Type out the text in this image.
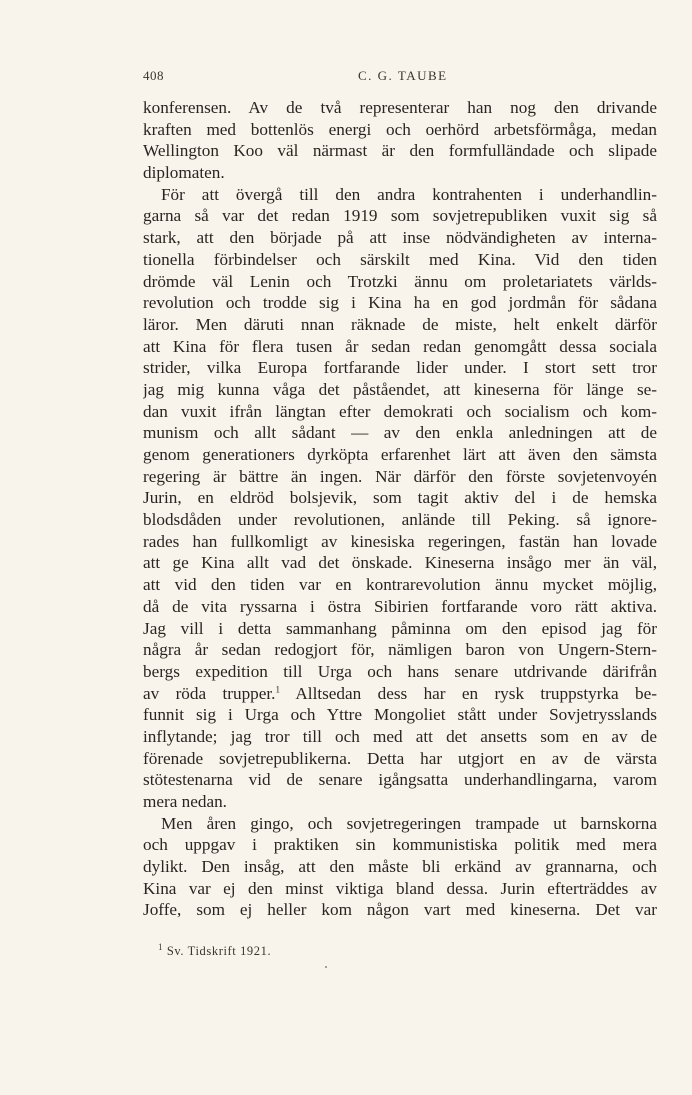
408	C. G. TAUBE
konferensen. Av de två representerar han nog den drivande
kraften med bottenlös energi och oerhörd arbetsförmåga, medan
Wellington Koo väl närmast är den formfulländade och slipade
diplomaten.
För att övergå till den andra kontrahenten i underhandlin-
garna så var det redan 1919 som sovjetrepubliken vuxit sig så
stark, att den började på att inse nödvändigheten av interna-
tionella förbindelser och särskilt med Kina. Vid den tiden
drömde väl Lenin och Trotzki ännu om proletariatets världs-
revolution och trodde sig i Kina ha en god jordmån för sådana
läror. Men däruti nnan räknade de miste, helt enkelt därför
att Kina för flera tusen år sedan redan genomgått dessa sociala
strider, vilka Europa fortfarande lider under. I stort sett tror
jag mig kunna våga det påståendet, att kineserna för länge se-
dan vuxit ifrån längtan efter demokrati och socialism och kom-
munism och allt sådant — av den enkla anledningen att de
genom generationers dyrköpta erfarenhet lärt att även den sämsta
regering är bättre än ingen. När därför den förste sovjetenvoyén
Jurin, en eldröd bolsjevik, som tagit aktiv del i de hemska
blodsdåden under revolutionen, anlände till Peking. så ignore-
rades han fullkomligt av kinesiska regeringen, fastän han lovade
att ge Kina allt vad det önskade. Kineserna insågo mer än väl,
att vid den tiden var en kontrarevolution ännu mycket möjlig,
då de vita ryssarna i östra Sibirien fortfarande voro rätt aktiva.
Jag vill i detta sammanhang påminna om den episod jag för
några år sedan redogjort för, nämligen baron von Ungern-Stern-
bergs expedition till Urga och hans senare utdrivande därifrån
av röda trupper.$^1$ Alltsedan dess har en rysk truppstyrka be-
funnit sig i Urga och Yttre Mongoliet stått under Sovjetrysslands
inflytande; jag tror till och med att det ansetts som en av de
förenade sovjetrepublikerna. Detta har utgjort en av de värsta
stötestenarna vid de senare igångsatta underhandlingarna, varom
mera nedan.
Men åren gingo, och sovjetregeringen trampade ut barnskorna
och uppgav i praktiken sin kommunistiska politik med mera
dylikt. Den insåg, att den måste bli erkänd av grannarna, och
Kina var ej den minst viktiga bland dessa. Jurin efterträddes av
Joffe, som ej heller kom någon vart med kineserna. Det var
$^1$ Sv. Tidskrift 1921.
